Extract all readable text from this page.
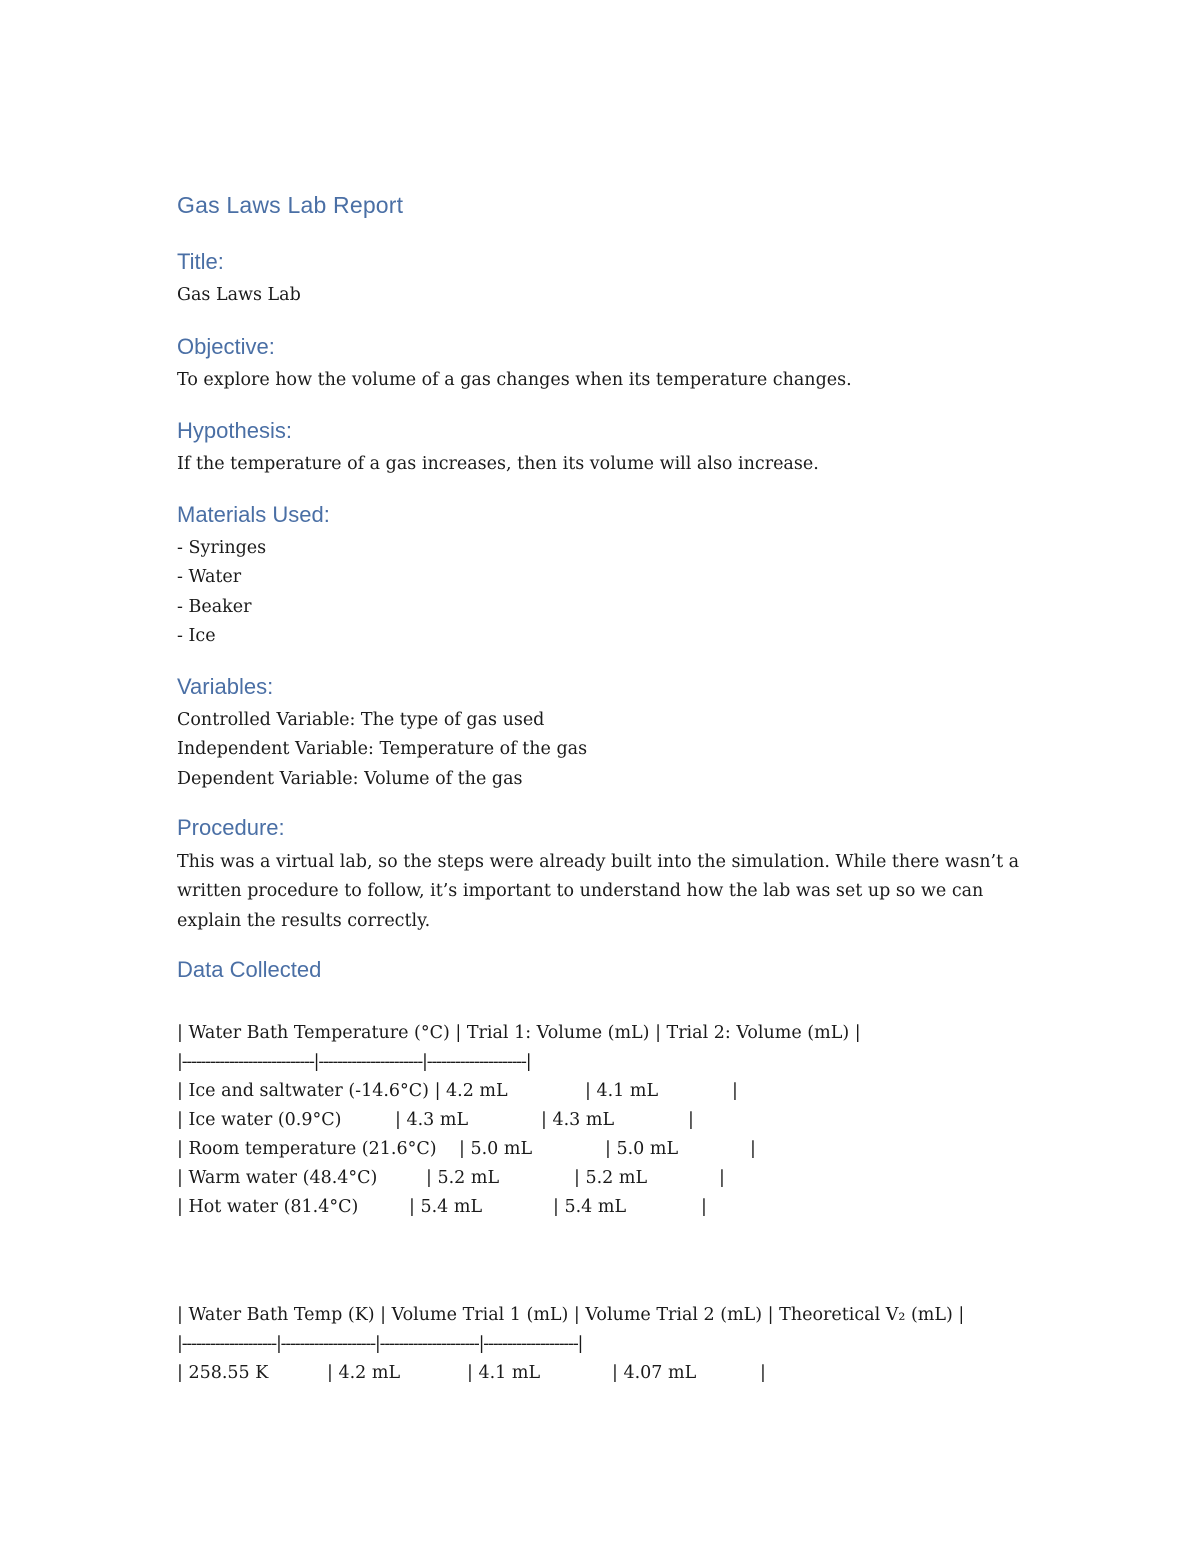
Gas Laws Lab Report
Title:
Gas Laws Lab
Objective:
To explore how the volume of a gas changes when its temperature changes.
Hypothesis:
If the temperature of a gas increases, then its volume will also increase.
Materials Used:
- Syringes
- Water
- Beaker
- Ice
Variables:
Controlled Variable: The type of gas used
Independent Variable: Temperature of the gas
Dependent Variable: Volume of the gas
Procedure:
This was a virtual lab, so the steps were already built into the simulation. While there wasn’t a written procedure to follow, it’s important to understand how the lab was set up so we can explain the results correctly.
Data Collected
| Water Bath Temperature (°C) | Trial 1: Volume (mL) | Trial 2: Volume (mL) |
|----------------------------|----------------------|---------------------|
| Ice and saltwater (-14.6°C) | 4.2 mL	| 4.1 mL	|
| Ice water (0.9°C)	| 4.3 mL	| 4.3 mL	|
| Room temperature (21.6°C) | 5.0 mL	| 5.0 mL	|
| Warm water (48.4°C)	| 5.2 mL	| 5.2 mL	|
| Hot water (81.4°C)	| 5.4 mL	| 5.4 mL	|
| Water Bath Temp (K) | Volume Trial 1 (mL) | Volume Trial 2 (mL) | Theoretical V₂ (mL) |
|--------------------|--------------------|---------------------|--------------------|
| 258.55 K	| 4.2 mL	| 4.1 mL	| 4.07 mL	|
